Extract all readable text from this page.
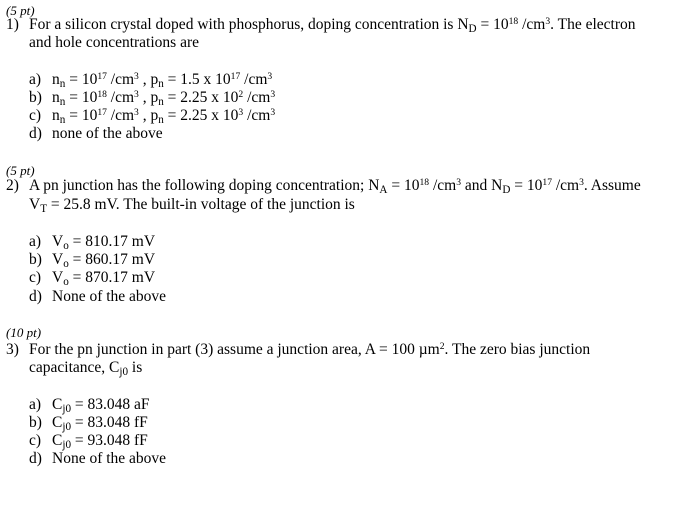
(5 pt)
1) For a silicon crystal doped with phosphorus, doping concentration is $N_D = 10^{18}$ $/cm^3$. The electron
and hole concentrations are
a) $n_n = 10^{17}$ $/cm^3$ , $p_n = 1.5$ x $10^{17}$ $/cm^3$
b) $n_n = 10^{18}$ $/cm^3$ , $p_n = 2.25$ x $10^2$ $/cm^3$
c) $n_n = 10^{17}$ $/cm^3$ , $p_n = 2.25$ x $10^3$ $/cm^3$
d) none of the above
(5 pt)
2) A pn junction has the following doping concentration; $N_A = 10^{18}$ $/cm^3$ and $N_D = 10^{17}$ $/cm^3$. Assume
$V_T = 25.8$ mV. The built-in voltage of the junction is
a) $V_o = 810.17$ mV
b) $V_o = 860.17$ mV
c) $V_o = 870.17$ mV
d) None of the above
(10 pt)
3) For the pn junction in part (3) assume a junction area, A = 100 µm$^2$. The zero bias junction
capacitance, $C_{j0}$ is
a) $C_{j0} = 83.048$ aF
b) $C_{j0} = 83.048$ fF
c) $C_{j0} = 93.048$ fF
d) None of the above
